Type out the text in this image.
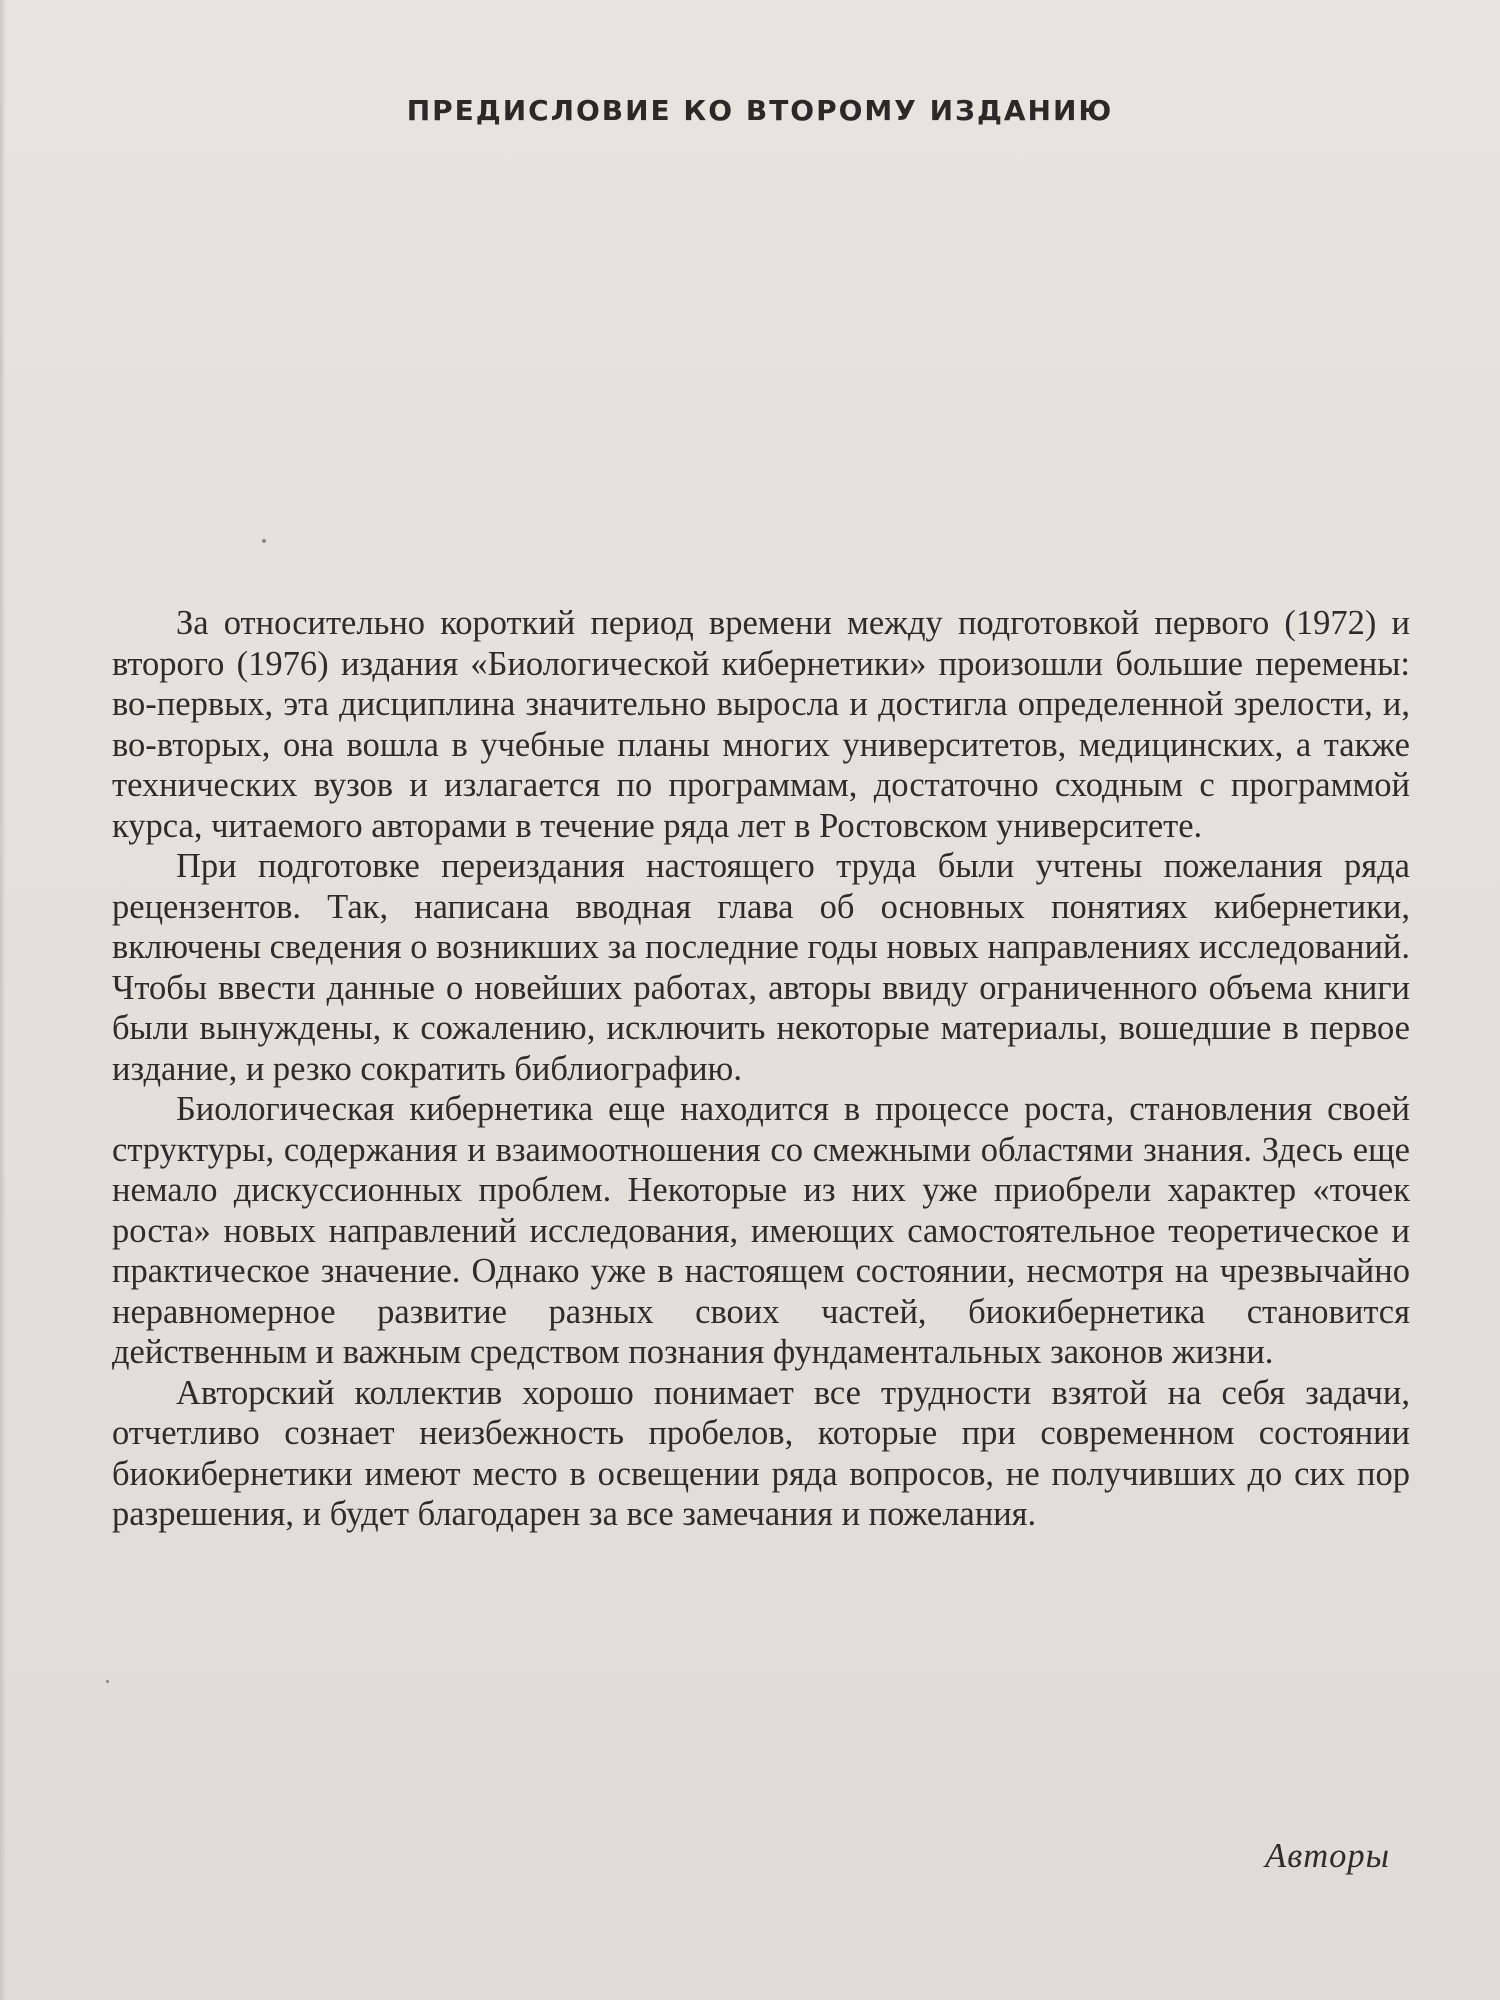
ПРЕДИСЛОВИЕ КО ВТОРОМУ ИЗДАНИЮ

За относительно короткий период времени между подготовкой первого (1972) и второго (1976) издания «Биологической кибернетики» произошли большие перемены: во-первых, эта дисциплина значительно выросла и достигла определенной зрелости, и, во-вторых, она вошла в учебные планы многих университетов, медицинских, а также технических вузов и излагается по программам, достаточно сходным с программой курса, читаемого авторами в течение ряда лет в Ростовском университете.

При подготовке переиздания настоящего труда были учтены пожелания ряда рецензентов. Так, написана вводная глава об основных понятиях кибернетики, включены сведения о возникших за последние годы новых направлениях исследований. Чтобы ввести данные о новейших работах, авторы ввиду ограниченного объема книги были вынуждены, к сожалению, исключить некоторые материалы, вошедшие в первое издание, и резко сократить библиографию.

Биологическая кибернетика еще находится в процессе роста, становления своей структуры, содержания и взаимоотношения со смежными областями знания. Здесь еще немало дискуссионных проблем. Некоторые из них уже приобрели характер «точек роста» новых направлений исследования, имеющих самостоятельное теоретическое и практическое значение. Однако уже в настоящем состоянии, несмотря на чрезвычайно неравномерное развитие разных своих частей, биокибернетика становится действенным и важным средством познания фундаментальных законов жизни.

Авторский коллектив хорошо понимает все трудности взятой на себя задачи, отчетливо сознает неизбежность пробелов, которые при современном состоянии биокибернетики имеют место в освещении ряда вопросов, не получивших до сих пор разрешения, и будет благодарен за все замечания и пожелания.

Авторы
